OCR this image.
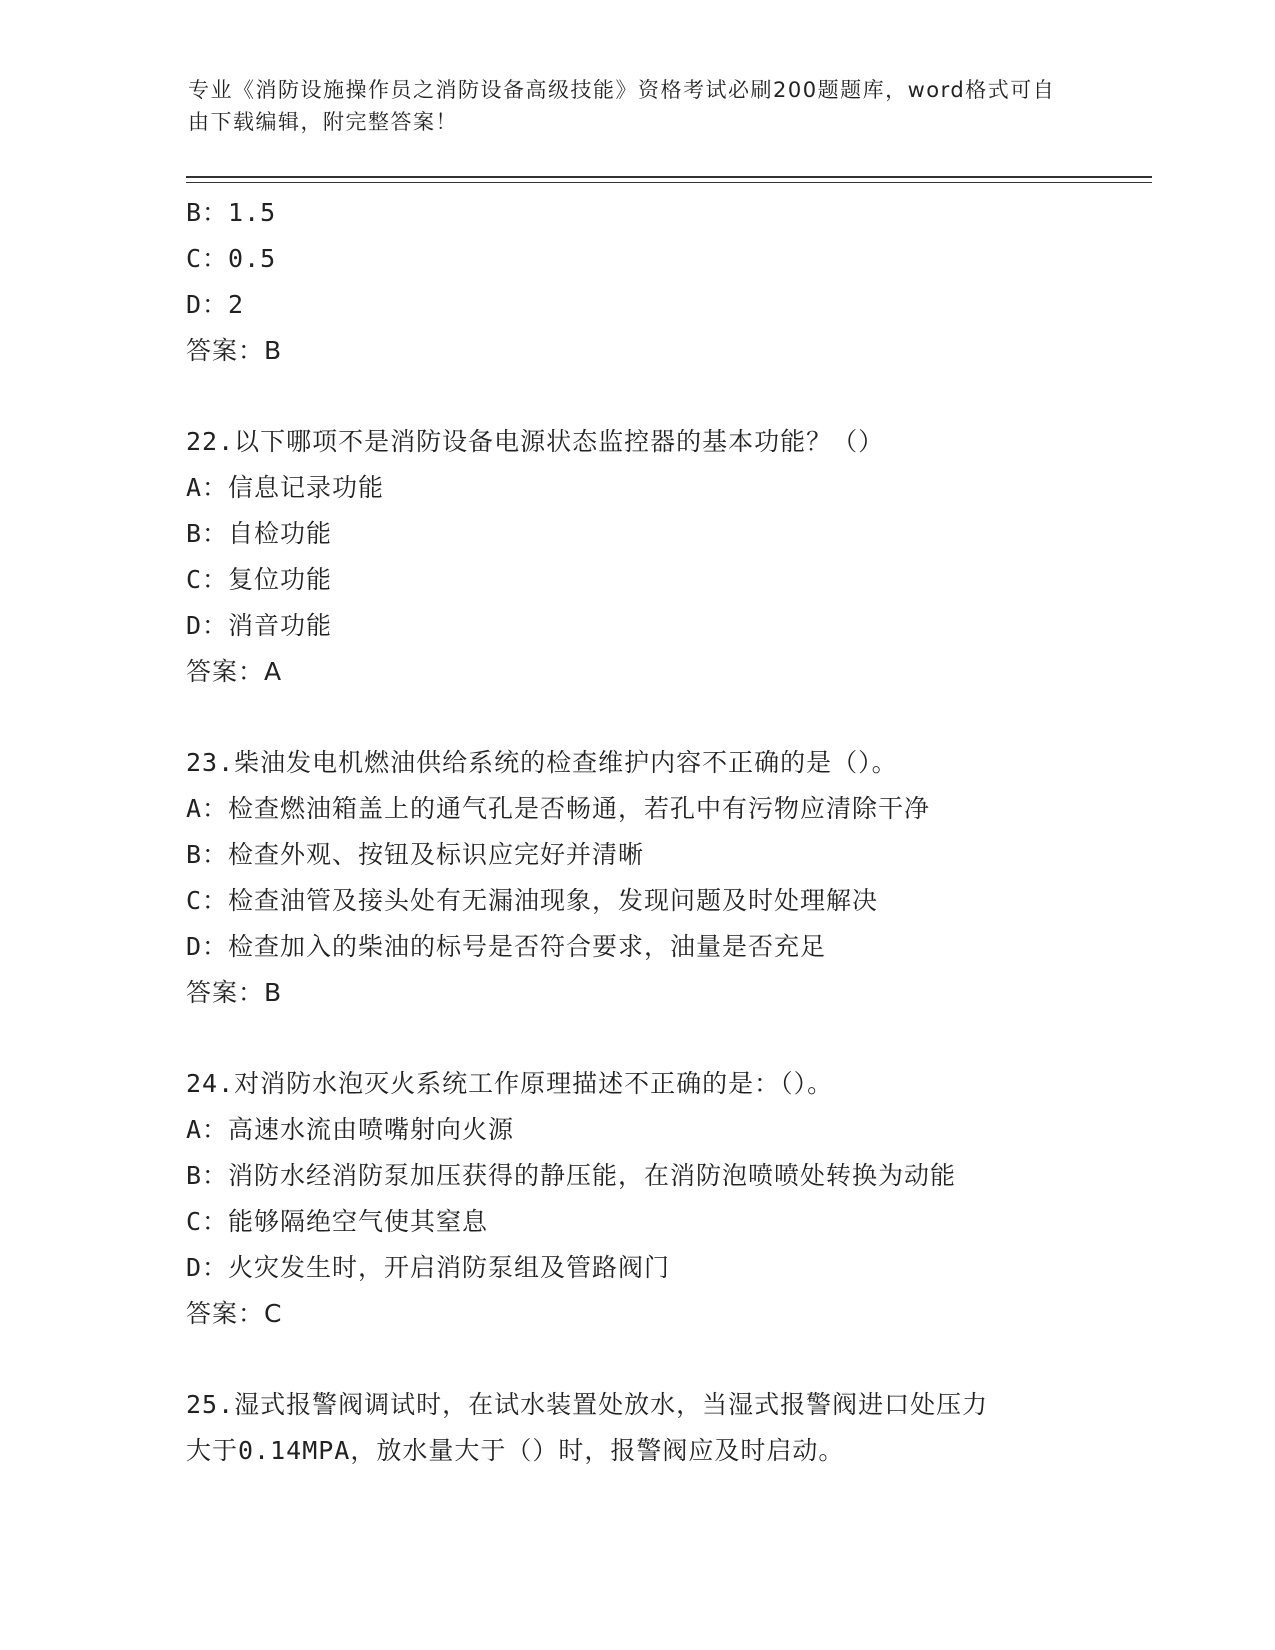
专业《消防设施操作员之消防设备高级技能》资格考试必刷200题题库，word格式可自由下载编辑，附完整答案！
B：1.5
C：0.5
D：2
答案：B
22.以下哪项不是消防设备电源状态监控器的基本功能？（）
A：信息记录功能
B：自检功能
C：复位功能
D：消音功能
答案：A
23.柴油发电机燃油供给系统的检查维护内容不正确的是（）。
A：检查燃油箱盖上的通气孔是否畅通，若孔中有污物应清除干净
B：检查外观、按钮及标识应完好并清晰
C：检查油管及接头处有无漏油现象，发现问题及时处理解决
D：检查加入的柴油的标号是否符合要求，油量是否充足
答案：B
24.对消防水泡灭火系统工作原理描述不正确的是：（）。
A：高速水流由喷嘴射向火源
B：消防水经消防泵加压获得的静压能，在消防泡喷喷处转换为动能
C：能够隔绝空气使其窒息
D：火灾发生时，开启消防泵组及管路阀门
答案：C
25.湿式报警阀调试时，在试水装置处放水，当湿式报警阀进口处压力
大于0.14MPA，放水量大于（）时，报警阀应及时启动。
